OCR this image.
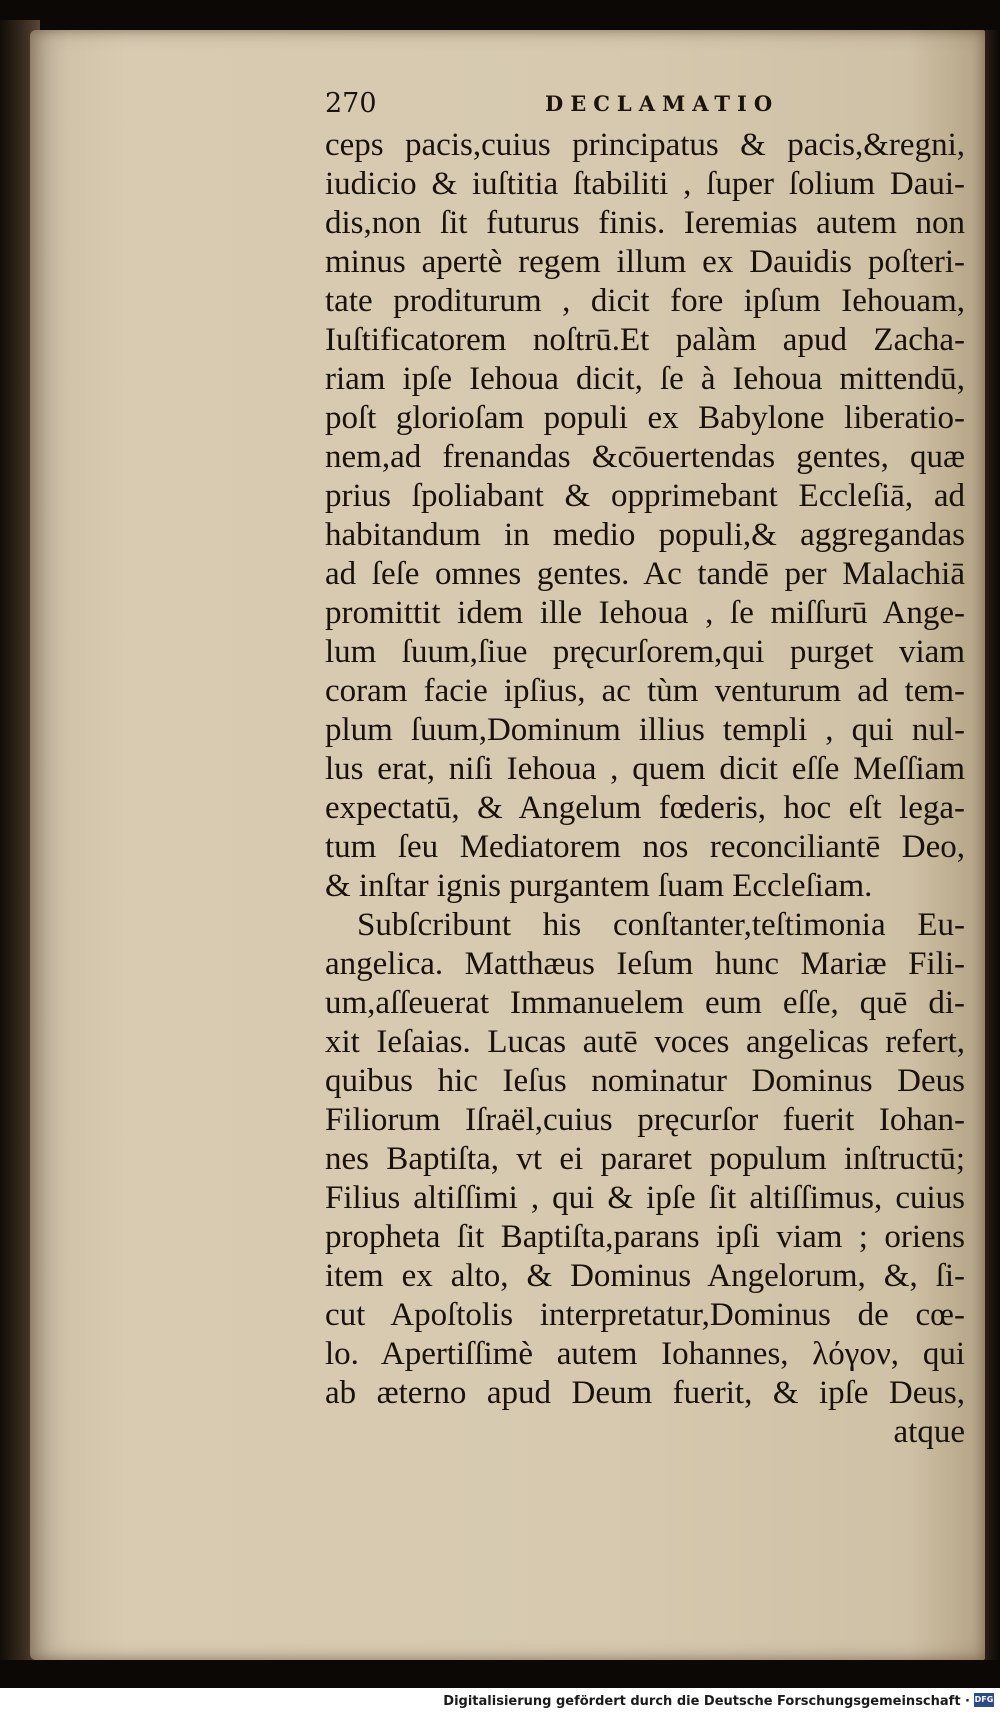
270	DECLAMATIO
ceps pacis,cuius principatus & pacis,&regni,
iudicio & iuſtitia ſtabiliti , ſuper ſolium Daui-
dis,non ſit futurus finis. Ieremias autem non
minus apertè regem illum ex Dauidis poſteri-
tate proditurum , dicit fore ipſum Iehouam,
Iuſtificatorem noſtrū.Et palàm apud Zacha-
riam ipſe Iehoua dicit, ſe à Iehoua mittendū,
poſt glorioſam populi ex Babylone liberatio-
nem,ad frenandas &cōuertendas gentes, quæ
prius ſpoliabant & opprimebant Eccleſiā, ad
habitandum in medio populi,& aggregandas
ad ſeſe omnes gentes. Ac tandē per Malachiā
promittit idem ille Iehoua , ſe miſſurū Ange-
lum ſuum,ſiue pręcurſorem,qui purget viam
coram facie ipſius, ac tùm venturum ad tem-
plum ſuum,Dominum illius templi , qui nul-
lus erat, niſi Iehoua , quem dicit eſſe Meſſiam
expectatū, & Angelum fœderis, hoc eſt lega-
tum ſeu Mediatorem nos reconciliantē Deo,
& inſtar ignis purgantem ſuam Eccleſiam.
Subſcribunt his conſtanter,teſtimonia Eu-
angelica. Matthæus Ieſum hunc Mariæ Fili-
um,aſſeuerat Immanuelem eum eſſe, quē di-
xit Ieſaias. Lucas autē voces angelicas refert,
quibus hic Ieſus nominatur Dominus Deus
Filiorum Iſraël,cuius pręcurſor fuerit Iohan-
nes Baptiſta, vt ei pararet populum inſtructū;
Filius altiſſimi , qui & ipſe ſit altiſſimus, cuius
propheta ſit Baptiſta,parans ipſi viam ; oriens
item ex alto, & Dominus Angelorum, &, ſi-
cut Apoſtolis interpretatur,Dominus de cœ-
lo. Apertiſſimè autem Iohannes, λόγον, qui
ab æterno apud Deum fuerit, & ipſe Deus,
atque
Digitalisierung gefördert durch die Deutsche Forschungsgemeinschaft · DFG
